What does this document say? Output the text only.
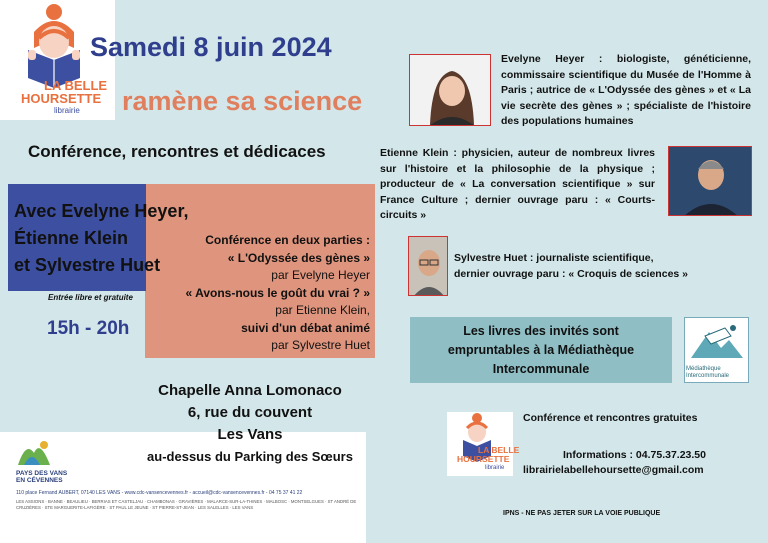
LA BELLE
HOURSETTE
librairie
Samedi 8 juin 2024
ramène sa science
Conférence, rencontres et dédicaces
Avec Evelyne Heyer,
Étienne Klein
et Sylvestre Huet
Conférence en deux parties :
« L'Odyssée des gènes »
par Evelyne Heyer
« Avons-nous le goût du vrai ? »
par Etienne Klein,
suivi d'un débat animé
par Sylvestre Huet
Entrée libre et gratuite
15h - 20h
Chapelle Anna Lomonaco
6, rue du couvent
Les Vans
au-dessus du Parking des Sœurs
PAYS DES VANS
EN CÉVENNES
110 place Fernand AUBERT, 07140 LES VANS - www.cdc-vansencevennes.fr - accueil@cdc-vansencevennes.fr - 04 75 37 41 22
LES ASSIONS · BANNE · BEAULIEU · BERRIAS ET CASTELJAU · CHAMBONAS · GRAVIÈRES · MALARCE-SUR-LA-THINES · MALBOSC · MONTSELGUES · ST ANDRÉ DE CRUZIÈRES · STE MARGUERITE-LAFIGÈRE · ST PAUL LE JEUNE · ST PIERRE-ST-JEAN · LES SALELLES · LES VANS
Evelyne Heyer : biologiste, généticienne, commissaire scientifique du Musée de l'Homme à Paris ; autrice de « L'Odyssée des gènes » et « La vie secrète des gènes » ; spécialiste de l'histoire des populations humaines
Etienne Klein : physicien, auteur de nombreux livres sur l'histoire et la philosophie de la physique ; producteur de « La conversation scientifique » sur France Culture ; dernier ouvrage paru : « Courts-circuits »
Sylvestre Huet : journaliste scientifique,
dernier ouvrage paru : « Croquis de sciences »
Les livres des invités sont
empruntables à la Médiathèque
Intercommunale	Médiathèque
Intercommunale
LA BELLE
HOURSETTE
librairie
Conférence et rencontres gratuites
Informations : 04.75.37.23.50
librairielabellehoursette@gmail.com
IPNS - NE PAS JETER SUR LA VOIE PUBLIQUE
